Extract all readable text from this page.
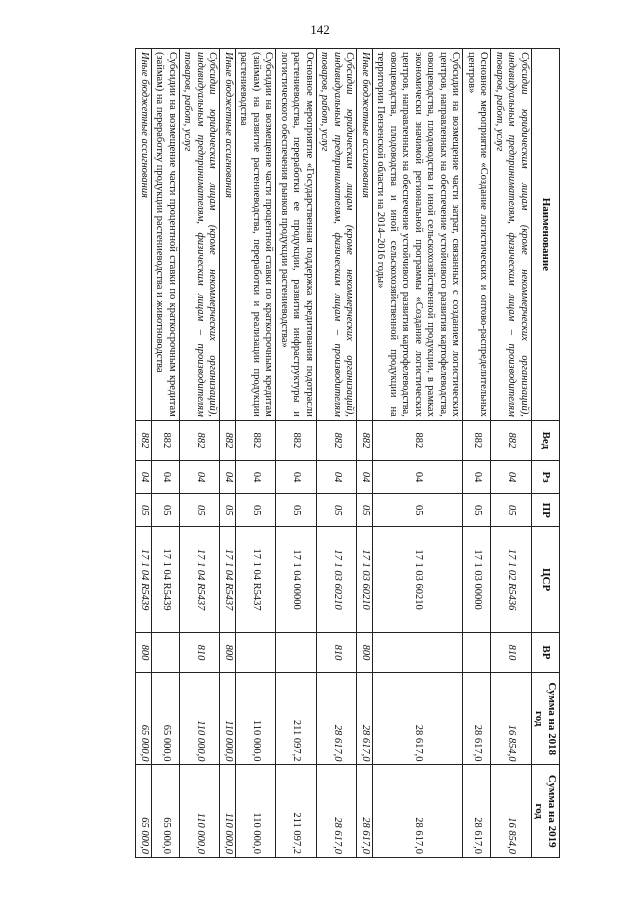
142
Наименование	Вед	Рз	ПР	ЦСР	ВР	Сумма на 2018 год	Сумма на 2019 год
Субсидии юридическим лицам (кроме некоммерческих организаций), индивидуальным предпринимателям, физическим лицам – производителям товаров, работ, услуг	882	04	05	17 1 02 R5436	810	16 854,0	16 854,0
Основное мероприятие «Создание логистических и оптово-распределительных центров»	882	04	05	17 1 03 00000		28 617,0	28 617,0
Субсидии на возмещение части затрат, связанных с созданием логистических центров, направленных на обеспечение устойчивого развития картофелеводства, овощеводства, плодоводства и иной сельскохозяйственной продукции, в рамках экономически значимой региональной программы «Создание логистических центров, направленных на обеспечение устойчивого развития картофелеводства, овощеводства, плодоводства и иной сельскохозяйственной продукции на территории Пензенской области на 2014–2016 годы»	882	04	05	17 1 03 60210		28 617,0	28 617,0
Иные бюджетные ассигнования	882	04	05	17 1 03 60210	800	28 617,0	28 617,0
Субсидии юридическим лицам (кроме некоммерческих организаций), индивидуальным предпринимателям, физическим лицам – производителям товаров, работ, услуг	882	04	05	17 1 03 60210	810	28 617,0	28 617,0
Основное мероприятие «Государственная поддержка кредитования подотрасли растениеводства, переработки ее продукции, развития инфраструктуры и логистического обеспечения рынков продукции растениеводства»	882	04	05	17 1 04 00000		211 097,2	211 097,2
Субсидии на возмещение части процентной ставки по краткосрочным кредитам (займам) на развитие растениеводства, переработки и реализации продукции растениеводства	882	04	05	17 1 04 R5437		110 000,0	110 000,0
Иные бюджетные ассигнования	882	04	05	17 1 04 R5437	800	110 000,0	110 000,0
Субсидии юридическим лицам (кроме некоммерческих организаций), индивидуальным предпринимателям, физическим лицам – производителям товаров, работ, услуг	882	04	05	17 1 04 R5437	810	110 000,0	110 000,0
Субсидии на возмещение части процентной ставки по краткосрочным кредитам (займам) на переработку продукции растениеводства и животноводства	882	04	05	17 1 04 R5439		65 000,0	65 000,0
Иные бюджетные ассигнования	882	04	05	17 1 04 R5439	800	65 000,0	65 000,0
